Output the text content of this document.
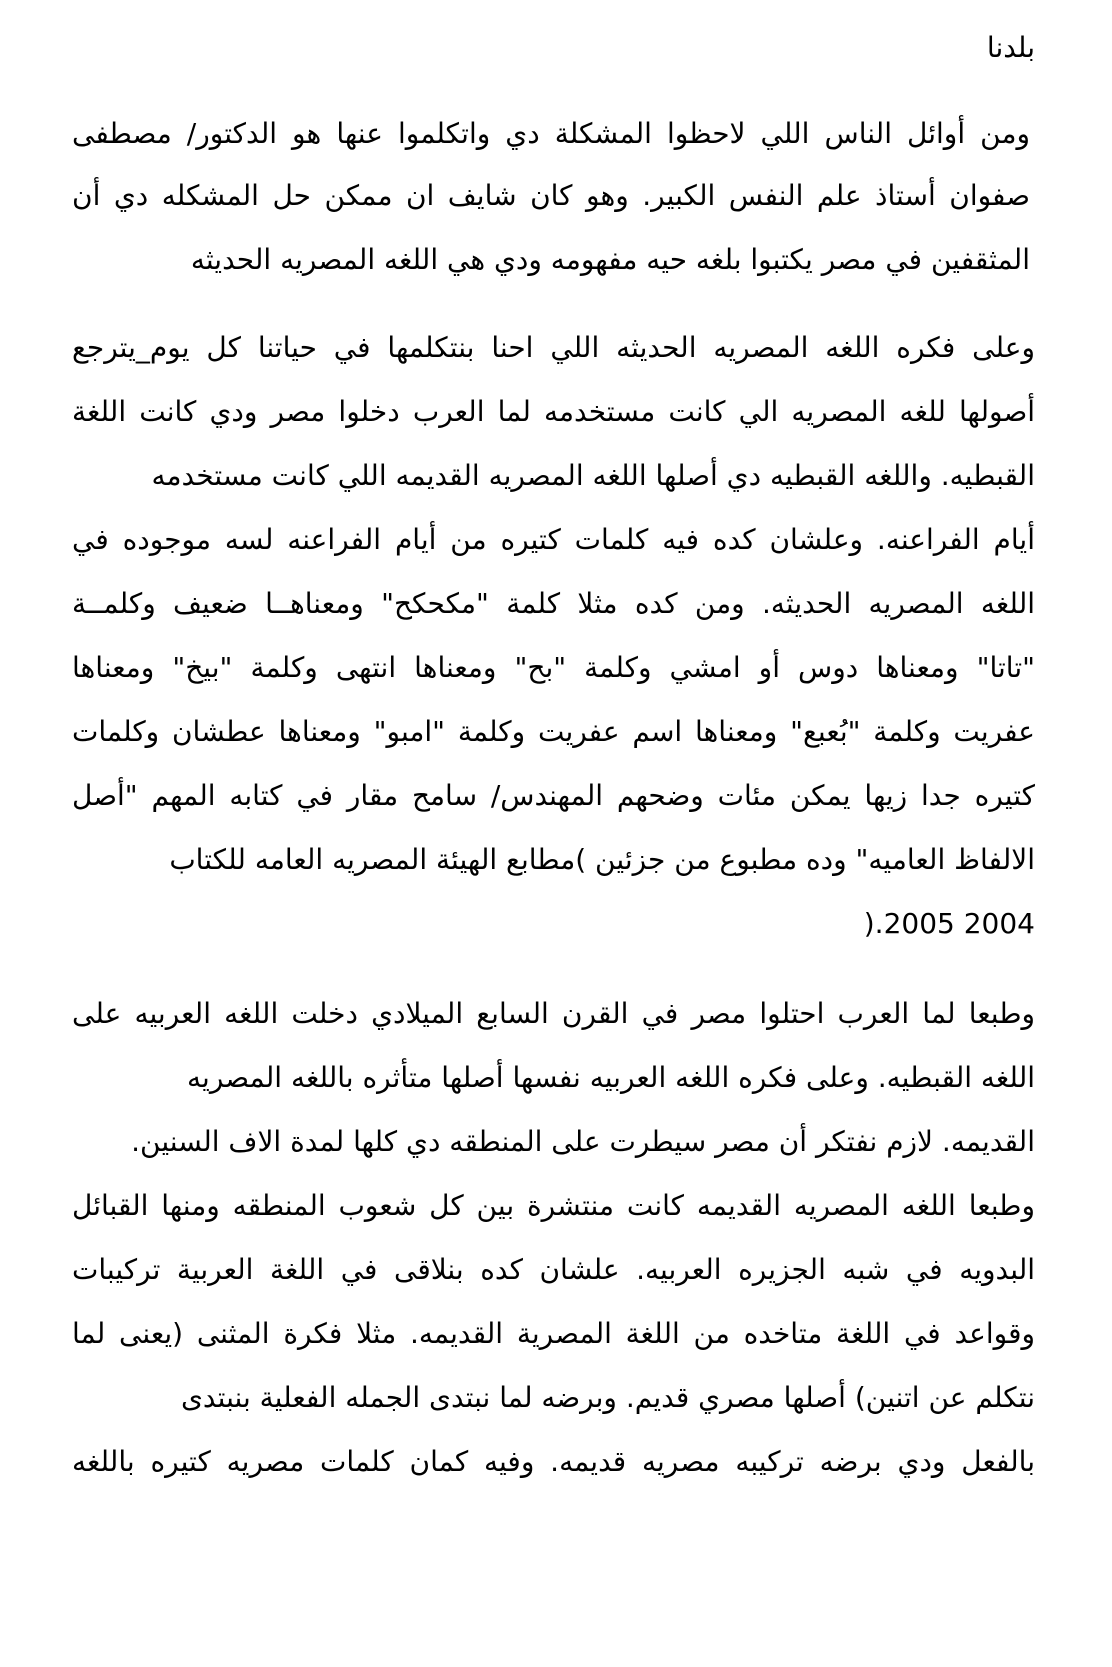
بلدنا
ومن أوائل الناس اللي لاحظوا المشكلة دي واتكلموا عنها هو الدكتور/ مصطفى
صفوان أستاذ علم النفس الكبير. وهو كان شايف ان ممكن حل المشكله دي أن
المثقفين في مصر يكتبوا بلغه حيه مفهومه ودي هي اللغه المصريه الحديثه
وعلى فكره اللغه المصريه الحديثه اللي احنا بنتكلمها في حياتنا كل يوم_يترجع
أصولها للغه المصريه الي كانت مستخدمه لما العرب دخلوا مصر ودي كانت اللغة
القبطيه. واللغه القبطيه دي أصلها اللغه المصريه القديمه اللي كانت مستخدمه
أيام الفراعنه. وعلشان كده فيه كلمات كتيره من أيام الفراعنه لسه موجوده في
اللغه المصريه الحديثه. ومن كده مثلا كلمة "مكحكح" ومعناهــا ضعيف وكلمــة
"تاتا" ومعناها دوس أو امشي وكلمة "بح" ومعناها انتهى وكلمة "بيخ" ومعناها
عفريت وكلمة "بُعبع" ومعناها اسم عفريت وكلمة "امبو" ومعناها عطشان وكلمات
كتيره جدا زيها يمكن مئات وضحهم المهندس/ سامح مقار في كتابه المهم "أصل
الالفاظ العاميه" وده مطبوع من جزئين )مطابع الهيئة المصريه العامه للكتاب
2004 2005.(
وطبعا لما العرب احتلوا مصر في القرن السابع الميلادي دخلت اللغه العربيه على
اللغه القبطيه. وعلى فكره اللغه العربيه نفسها أصلها متأثره باللغه المصريه
القديمه. لازم نفتكر أن مصر سيطرت على المنطقه دي كلها لمدة الاف السنين.
وطبعا اللغه المصريه القديمه كانت منتشرة بين كل شعوب المنطقه ومنها القبائل
البدويه في شبه الجزيره العربيه. علشان كده بنلاقى في اللغة العربية تركيبات
وقواعد في اللغة متاخده من اللغة المصرية القديمه. مثلا فكرة المثنى (يعنى لما
نتكلم عن اتنين) أصلها مصري قديم. وبرضه لما نبتدى الجمله الفعلية بنبتدى
بالفعل ودي برضه تركيبه مصريه قديمه. وفيه كمان كلمات مصريه كتيره باللغه
